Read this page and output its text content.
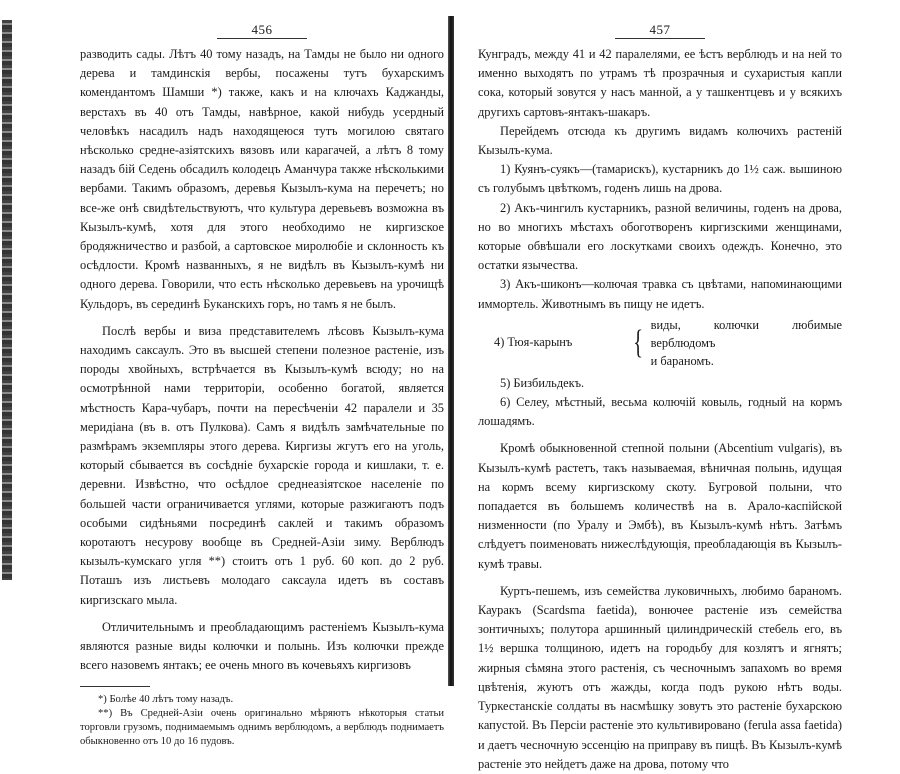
456

разводить сады. Лѣтъ 40 тому назадъ, на Тамды не было ни одного дерева и тамдинскія вербы, посажены тутъ бухарскимъ комендантомъ Шамши *) также, какъ и на ключахъ Каджанды, верстахъ въ 40 отъ Тамды, навѣрное, какой нибудь усердный человѣкъ насадилъ надъ находящеюся тутъ могилою святаго нѣсколько средне-азіятскихъ вязовъ или карагачей, а лѣтъ 8 тому назадъ бій Седень обсадилъ колодецъ Аманчура также нѣсколькими вербами. Такимъ образомъ, деревья Кызылъ-кума на перечетъ; но все-же онѣ свидѣтельствуютъ, что культура деревьевъ возможна въ Кызылъ-кумѣ, хотя для этого необходимо не киргизское бродяжничество и разбой, а сартовское миролюбіе и склонность къ осѣдлости. Кромѣ названныхъ, я не видѣлъ въ Кызылъ-кумѣ ни одного дерева. Говорили, что есть нѣсколько деревьевъ на урочищѣ Кульдоръ, въ серединѣ Буканскихъ горъ, но тамъ я не былъ.

Послѣ вербы и виза представителемъ лѣсовъ Кызылъ-кума находимъ саксаулъ. Это въ высшей степени полезное растеніе, изъ породы хвойныхъ, встрѣчается въ Кызылъ-кумѣ всюду; но на осмотрѣнной нами территоріи, особенно богатой, является мѣстность Кара-чубаръ, почти на пересѣченіи 42 паралели и 35 меридіана (въ в. отъ Пулкова). Самъ я видѣлъ замѣчательные по размѣрамъ экземпляры этого дерева. Киргизы жгутъ его на уголь, который сбывается въ сосѣдніе бухарскіе города и кишлаки, т. е. деревни. Извѣстно, что осѣдлое среднеазіятское населеніе по большей части ограничивается углями, которые разжигаютъ подъ особыми сидѣньями посрединѣ саклей и такимъ образомъ коротаютъ несурову вообще въ Средней-Азіи зиму. Верблюдъ кызылъ-кумскаго угля **) стоитъ отъ 1 руб. 60 коп. до 2 руб. Поташъ изъ листьевъ молодаго саксаула идетъ въ составъ киргизскаго мыла.

Отличительнымъ и преобладающимъ растеніемъ Кызылъ-кума являются разные виды колючки и полынь. Изъ колючки прежде всего назовемъ янтакъ; ее очень много въ кочевьяхъ киргизовъ

*) Болѣе 40 лѣтъ тому назадъ.

**) Въ Средней-Азіи очень оригинально мѣряютъ нѣкоторыя статьи торговли грузомъ, поднимаемымъ однимъ верблюдомъ, а верблюдъ поднимаетъ обыкновенно отъ 10 до 16 пудовъ.

457

Кунградъ, между 41 и 42 паралелями, ее ѣстъ верблюдъ и на ней то именно выходятъ по утрамъ тѣ прозрачныя и сухаристыя капли сока, который зовутся у насъ манной, а у ташкентцевъ и у всякихъ другихъ сартовъ-янтакъ-шакаръ.

Перейдемъ отсюда къ другимъ видамъ колючихъ растеній Кызылъ-кума.

1) Куянъ-суякъ—(тамарискъ), кустарникъ до 1½ саж. вышиною съ голубымъ цвѣткомъ, годенъ лишь на дрова.

2) Акъ-чингилъ кустарникъ, разной величины, годенъ на дрова, но во многихъ мѣстахъ обоготворенъ киргизскими женщинами, которые обвѣшали его лоскутками своихъ одеждъ. Конечно, это остатки язычества.

3) Акъ-шиконъ—колючая травка съ цвѣтами, напоминающими иммортель. Животнымъ въ пищу не идетъ.

4) Тюя-карынъ	{ виды, колючки любимые верблюдомъ
и бараномъ.

5) Бизбильдекъ.

6) Селеу, мѣстный, весьма колючій ковыль, годный на кормъ лошадямъ.

Кромѣ обыкновенной степной полыни (Abcentium vulgaris), въ Кызылъ-кумѣ растетъ, такъ называемая, вѣничная полынь, идущая на кормъ всему киргизскому скоту. Бугровой полыни, что попадается въ большемъ количествѣ на в. Арало-каспійской низменности (по Уралу и Эмбѣ), въ Кызылъ-кумѣ нѣтъ. Затѣмъ слѣдуетъ поименовать нижеслѣдующія, преобладающія въ Кызылъ-кумѣ травы.

Куртъ-пешемъ, изъ семейства луковичныхъ, любимо бараномъ. Кауракъ (Scardsma faetida), вонючее растеніе изъ семейства зонтичныхъ; полутора аршинный цилиндрическій стебель его, въ 1½ вершка толщиною, идетъ на городьбу для козлятъ и ягнятъ; жирныя сѣмяна этого растенія, съ чесночнымъ запахомъ во время цвѣтенія, жуютъ отъ жажды, когда подъ рукою нѣтъ воды. Туркестанскіе солдаты въ насмѣшку зовутъ это растеніе бухарскою капустой. Въ Персіи растеніе это культивировано (ferula assa faetida) и даетъ чесночную эссенцію на приправу въ пищѣ. Въ Кызылъ-кумѣ растеніе это нейдетъ даже на дрова, потому что
